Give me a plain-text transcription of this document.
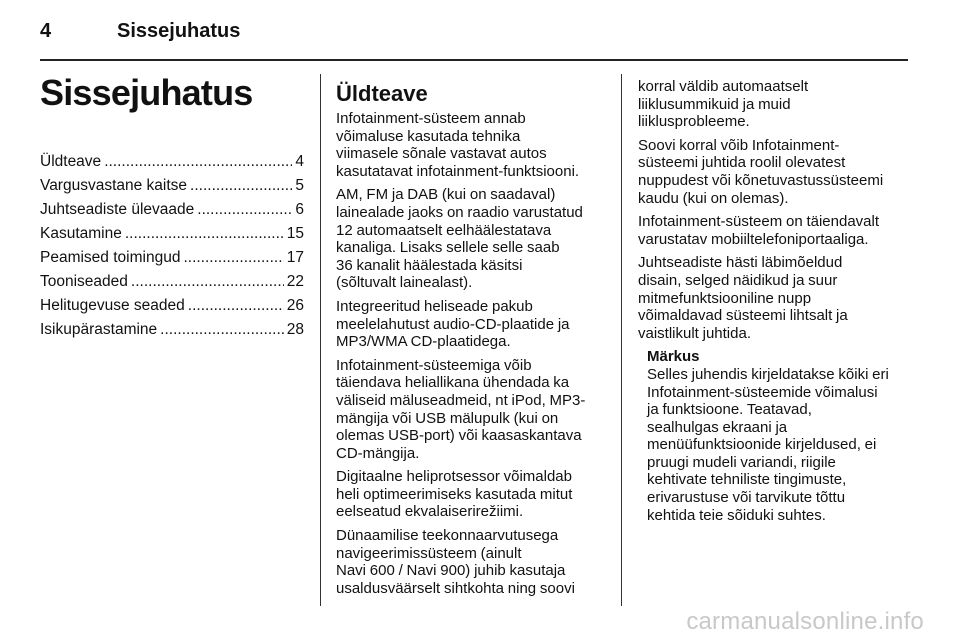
4	Sissejuhatus
Sissejuhatus
Üldteave .....	4
Vargusvastane kaitse .....	5
Juhtseadiste ülevaade .....	6
Kasutamine .....	15
Peamised toimingud .....	17
Tooniseaded .....	22
Helitugevuse seaded .....	26
Isikupärastamine .....	28
Üldteave

Infotainment-süsteem annab
võimaluse kasutada tehnika
viimasele sõnale vastavat autos
kasutatavat infotainment-funktsiooni.

AM, FM ja DAB (kui on saadaval)
lainealade jaoks on raadio varustatud
12 automaatselt eelhäälestatava
kanaliga. Lisaks sellele selle saab
36 kanalit häälestada käsitsi
(sõltuvalt lainealast).

Integreeritud heliseade pakub
meelelahutust audio-CD-plaatide ja
MP3/WMA CD-plaatidega.

Infotainment-süsteemiga võib
täiendava heliallikana ühendada ka
väliseid mäluseadmeid, nt iPod, MP3-
mängija või USB mälupulk (kui on
olemas USB-port) või kaasaskantava
CD-mängija.

Digitaalne heliprotsessor võimaldab
heli optimeerimiseks kasutada mitut
eelseatud ekvalaiserirežiimi.

Dünaamilise teekonnaarvutusega
navigeerimissüsteem (ainult
Navi 600 / Navi 900) juhib kasutaja
usaldusväärselt sihtkohta ning soovi

korral väldib automaatselt
liiklusummikuid ja muid
liiklusprobleeme.

Soovi korral võib Infotainment-
süsteemi juhtida roolil olevatest
nuppudest või kõnetuvastussüsteemi
kaudu (kui on olemas).

Infotainment-süsteem on täiendavalt
varustatav mobiiltelefoniportaaliga.

Juhtseadiste hästi läbimõeldud
disain, selged näidikud ja suur
mitmefunktsiooniline nupp
võimaldavad süsteemi lihtsalt ja
vaistlikult juhtida.

Märkus

Selles juhendis kirjeldatakse kõiki eri
Infotainment-süsteemide võimalusi
ja funktsioone. Teatavad,
sealhulgas ekraani ja
menüüfunktsioonide kirjeldused, ei
pruugi mudeli variandi, riigile
kehtivate tehniliste tingimuste,
erivarustuse või tarvikute tõttu
kehtida teie sõiduki suhtes.

carmanualsonline.info
